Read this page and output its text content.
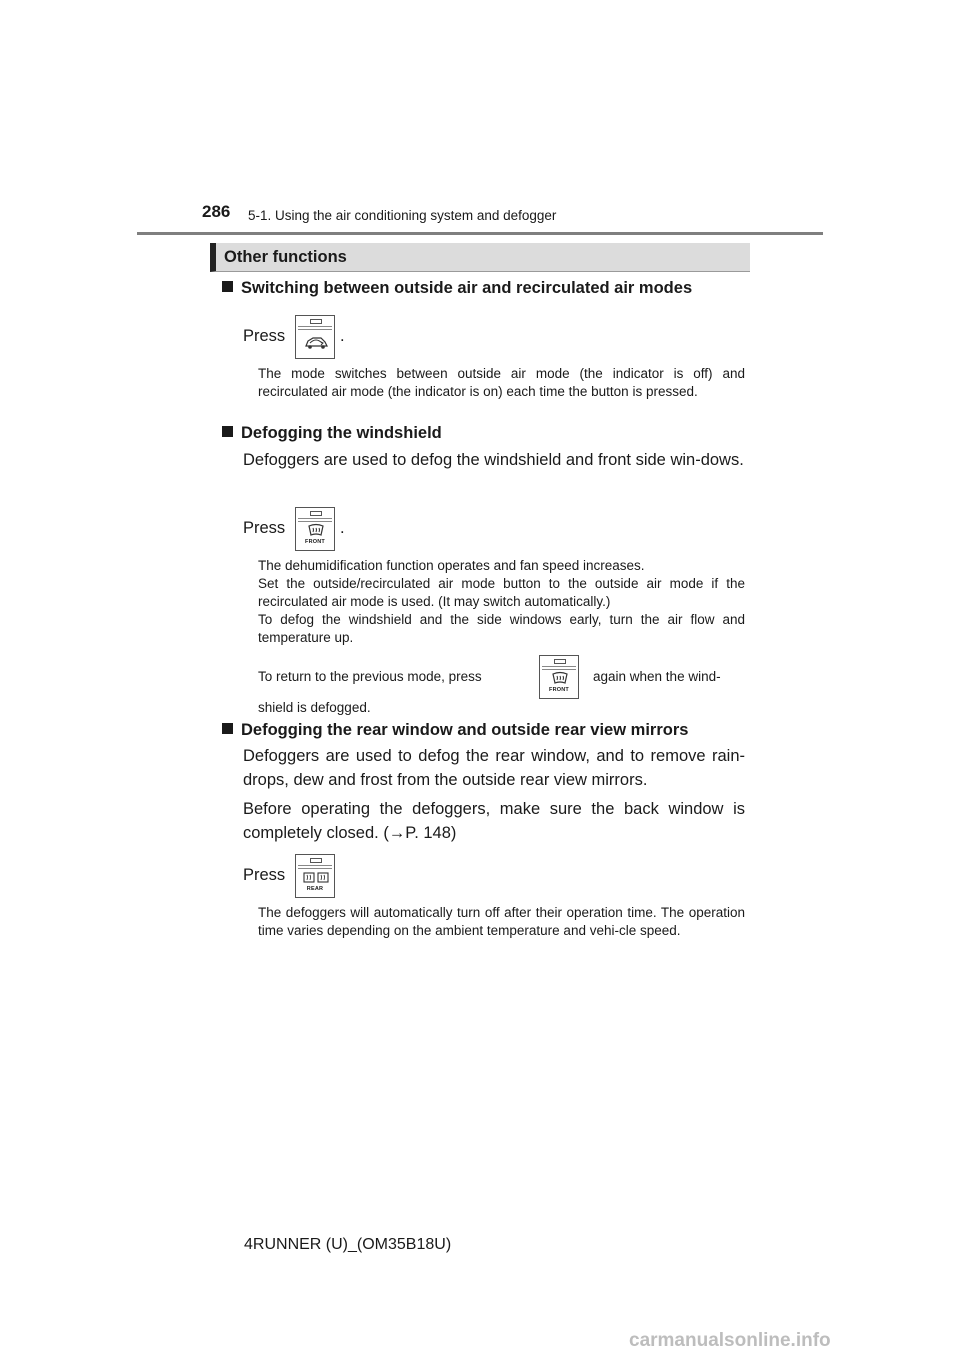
286 5-1. Using the air conditioning system and defogger
Other functions
Switching between outside air and recirculated air modes
Press	.
The mode switches between outside air mode (the indicator is off) and recirculated air mode (the indicator is on) each time the button is pressed.
Defogging the windshield
Defoggers are used to defog the windshield and front side win-dows.
Press
FRONT
.
The dehumidification function operates and fan speed increases.
Set the outside/recirculated air mode button to the outside air mode if the recirculated air mode is used. (It may switch automatically.)
To defog the windshield and the side windows early, turn the air flow and temperature up.
To return to the previous mode, press
FRONT
again when the wind-
shield is defogged.
Defogging the rear window and outside rear view mirrors
Defoggers are used to defog the rear window, and to remove rain-drops, dew and frost from the outside rear view mirrors.
Before operating the defoggers, make sure the back window is completely closed. (→P. 148)
Press
REAR
The defoggers will automatically turn off after their operation time. The operation time varies depending on the ambient temperature and vehi-cle speed.
4RUNNER (U)_(OM35B18U)
carmanualsonline.info
